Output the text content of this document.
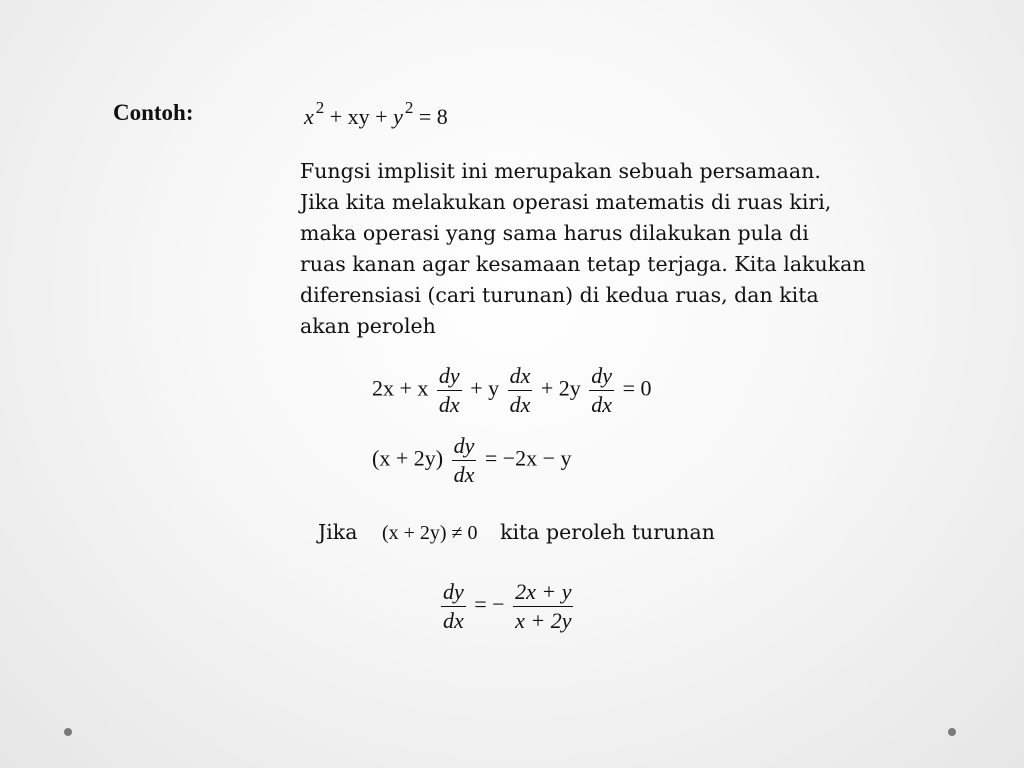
Contoh:	x $^2$ + xy + y $^2$ = 8
Fungsi implisit ini merupakan sebuah persamaan.
Jika kita melakukan operasi matematis di ruas kiri,
maka operasi yang sama harus dilakukan pula di
ruas kanan agar kesamaan tetap terjaga. Kita lakukan
diferensiasi (cari turunan) di kedua ruas, dan kita
akan peroleh
2x + x $\frac{dy}{dx} + y \frac{dx}{dx} + 2y \frac{dy}{dx} = 0$
$(x + 2y) \frac{dy}{dx} = -2x - y$
Jika (x + 2y) ≠ 0 kita peroleh turunan
$\frac{dy}{dx}$ = − $\frac{2x + y}{x + 2y}$
